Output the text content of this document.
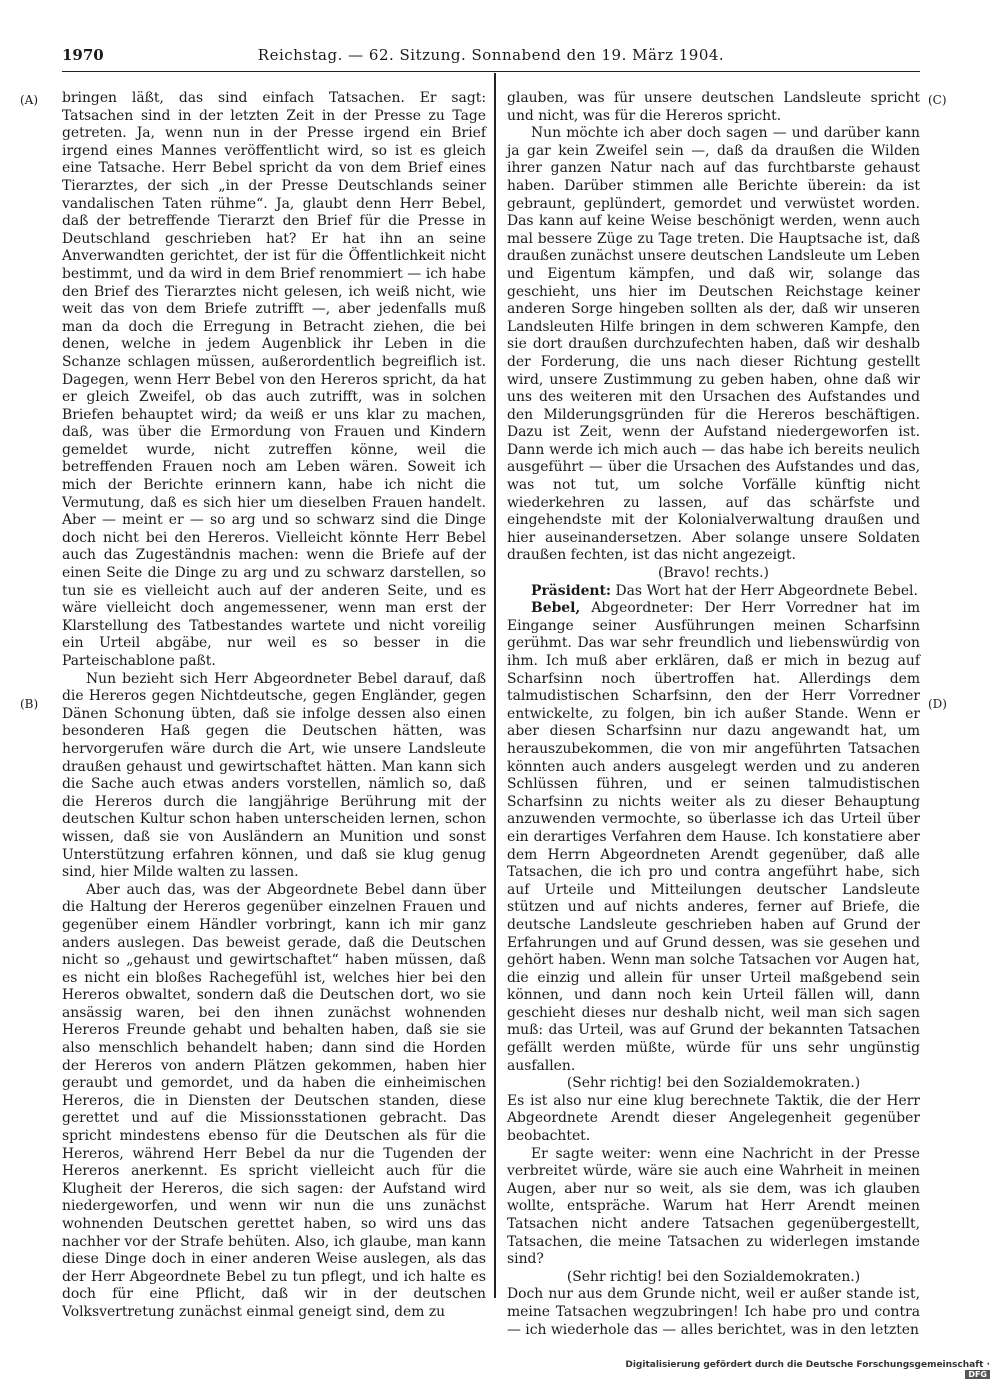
1970	Reichstag. — 62. Sitzung. Sonnabend den 19. März 1904.
(A)
(B)
(C)
(D)

bringen läßt, das sind einfach Tatsachen. Er sagt: Tatsachen sind in der letzten Zeit in der Presse zu Tage getreten. Ja, wenn nun in der Presse irgend ein Brief irgend eines Mannes veröffentlicht wird, so ist es gleich eine Tatsache. Herr Bebel spricht da von dem Brief eines Tierarztes, der sich „in der Presse Deutschlands seiner vandalischen Taten rühme“. Ja, glaubt denn Herr Bebel, daß der betreffende Tierarzt den Brief für die Presse in Deutschland geschrieben hat? Er hat ihn an seine Anverwandten gerichtet, der ist für die Öffentlichkeit nicht bestimmt, und da wird in dem Brief renommiert — ich habe den Brief des Tierarztes nicht gelesen, ich weiß nicht, wie weit das von dem Briefe zutrifft —, aber jedenfalls muß man da doch die Erregung in Betracht ziehen, die bei denen, welche in jedem Augenblick ihr Leben in die Schanze schlagen müssen, außerordentlich begreiflich ist. Dagegen, wenn Herr Bebel von den Hereros spricht, da hat er gleich Zweifel, ob das auch zutrifft, was in solchen Briefen behauptet wird; da weiß er uns klar zu machen, daß, was über die Ermordung von Frauen und Kindern gemeldet wurde, nicht zutreffen könne, weil die betreffenden Frauen noch am Leben wären. Soweit ich mich der Berichte erinnern kann, habe ich nicht die Vermutung, daß es sich hier um dieselben Frauen handelt. Aber — meint er — so arg und so schwarz sind die Dinge doch nicht bei den Hereros. Vielleicht könnte Herr Bebel auch das Zugeständnis machen: wenn die Briefe auf der einen Seite die Dinge zu arg und zu schwarz darstellen, so tun sie es vielleicht auch auf der anderen Seite, und es wäre vielleicht doch angemessener, wenn man erst der Klarstellung des Tatbestandes wartete und nicht voreilig ein Urteil abgäbe, nur weil es so besser in die Parteischablone paßt.

Nun bezieht sich Herr Abgeordneter Bebel darauf, daß die Hereros gegen Nichtdeutsche, gegen Engländer, gegen Dänen Schonung übten, daß sie infolge dessen also einen besonderen Haß gegen die Deutschen hätten, was hervorgerufen wäre durch die Art, wie unsere Landsleute draußen gehaust und gewirtschaftet hätten. Man kann sich die Sache auch etwas anders vorstellen, nämlich so, daß die Hereros durch die langjährige Berührung mit der deutschen Kultur schon haben unterscheiden lernen, schon wissen, daß sie von Ausländern an Munition und sonst Unterstützung erfahren können, und daß sie klug genug sind, hier Milde walten zu lassen.

Aber auch das, was der Abgeordnete Bebel dann über die Haltung der Hereros gegenüber einzelnen Frauen und gegenüber einem Händler vorbringt, kann ich mir ganz anders auslegen. Das beweist gerade, daß die Deutschen nicht so „gehaust und gewirtschaftet“ haben müssen, daß es nicht ein bloßes Rachegefühl ist, welches hier bei den Hereros obwaltet, sondern daß die Deutschen dort, wo sie ansässig waren, bei den ihnen zunächst wohnenden Hereros Freunde gehabt und behalten haben, daß sie sie also menschlich behandelt haben; dann sind die Horden der Hereros von andern Plätzen gekommen, haben hier geraubt und gemordet, und da haben die einheimischen Hereros, die in Diensten der Deutschen standen, diese gerettet und auf die Missionsstationen gebracht. Das spricht mindestens ebenso für die Deutschen als für die Hereros, während Herr Bebel da nur die Tugenden der Hereros anerkennt. Es spricht vielleicht auch für die Klugheit der Hereros, die sich sagen: der Aufstand wird niedergeworfen, und wenn wir nun die uns zunächst wohnenden Deutschen gerettet haben, so wird uns das nachher vor der Strafe behüten. Also, ich glaube, man kann diese Dinge doch in einer anderen Weise auslegen, als das der Herr Abgeordnete Bebel zu tun pflegt, und ich halte es doch für eine Pflicht, daß wir in der deutschen Volksvertretung zunächst einmal geneigt sind, dem zu

glauben, was für unsere deutschen Landsleute spricht und nicht, was für die Hereros spricht.

Nun möchte ich aber doch sagen — und darüber kann ja gar kein Zweifel sein —, daß da draußen die Wilden ihrer ganzen Natur nach auf das furchtbarste gehaust haben. Darüber stimmen alle Berichte überein: da ist gebraunt, geplündert, gemordet und verwüstet worden. Das kann auf keine Weise beschönigt werden, wenn auch mal bessere Züge zu Tage treten. Die Hauptsache ist, daß draußen zunächst unsere deutschen Landsleute um Leben und Eigentum kämpfen, und daß wir, solange das geschieht, uns hier im Deutschen Reichstage keiner anderen Sorge hingeben sollten als der, daß wir unseren Landsleuten Hilfe bringen in dem schweren Kampfe, den sie dort draußen durchzufechten haben, daß wir deshalb der Forderung, die uns nach dieser Richtung gestellt wird, unsere Zustimmung zu geben haben, ohne daß wir uns des weiteren mit den Ursachen des Aufstandes und den Milderungsgründen für die Hereros beschäftigen. Dazu ist Zeit, wenn der Aufstand niedergeworfen ist. Dann werde ich mich auch — das habe ich bereits neulich ausgeführt — über die Ursachen des Aufstandes und das, was not tut, um solche Vorfälle künftig nicht wiederkehren zu lassen, auf das schärfste und eingehendste mit der Kolonialverwaltung draußen und hier auseinandersetzen. Aber solange unsere Soldaten draußen fechten, ist das nicht angezeigt.

(Bravo! rechts.)

Präsident: Das Wort hat der Herr Abgeordnete Bebel.

Bebel, Abgeordneter: Der Herr Vorredner hat im Eingange seiner Ausführungen meinen Scharfsinn gerühmt. Das war sehr freundlich und liebenswürdig von ihm. Ich muß aber erklären, daß er mich in bezug auf Scharfsinn noch übertroffen hat. Allerdings dem talmudistischen Scharfsinn, den der Herr Vorredner entwickelte, zu folgen, bin ich außer Stande. Wenn er aber diesen Scharfsinn nur dazu angewandt hat, um herauszubekommen, die von mir angeführten Tatsachen könnten auch anders ausgelegt werden und zu anderen Schlüssen führen, und er seinen talmudistischen Scharfsinn zu nichts weiter als zu dieser Behauptung anzuwenden vermochte, so überlasse ich das Urteil über ein derartiges Verfahren dem Hause. Ich konstatiere aber dem Herrn Abgeordneten Arendt gegenüber, daß alle Tatsachen, die ich pro und contra angeführt habe, sich auf Urteile und Mitteilungen deutscher Landsleute stützen und auf nichts anderes, ferner auf Briefe, die deutsche Landsleute geschrieben haben auf Grund der Erfahrungen und auf Grund dessen, was sie gesehen und gehört haben. Wenn man solche Tatsachen vor Augen hat, die einzig und allein für unser Urteil maßgebend sein können, und dann noch kein Urteil fällen will, dann geschieht dieses nur deshalb nicht, weil man sich sagen muß: das Urteil, was auf Grund der bekannten Tatsachen gefällt werden müßte, würde für uns sehr ungünstig ausfallen.

(Sehr richtig! bei den Sozialdemokraten.)

Es ist also nur eine klug berechnete Taktik, die der Herr Abgeordnete Arendt dieser Angelegenheit gegenüber beobachtet.

Er sagte weiter: wenn eine Nachricht in der Presse verbreitet würde, wäre sie auch eine Wahrheit in meinen Augen, aber nur so weit, als sie dem, was ich glauben wollte, entspräche. Warum hat Herr Arendt meinen Tatsachen nicht andere Tatsachen gegenübergestellt, Tatsachen, die meine Tatsachen zu widerlegen imstande sind?

(Sehr richtig! bei den Sozialdemokraten.)

Doch nur aus dem Grunde nicht, weil er außer stande ist, meine Tatsachen wegzubringen! Ich habe pro und contra — ich wiederhole das — alles berichtet, was in den letzten

Digitalisierung gefördert durch die Deutsche Forschungsgemeinschaft ·DFG
